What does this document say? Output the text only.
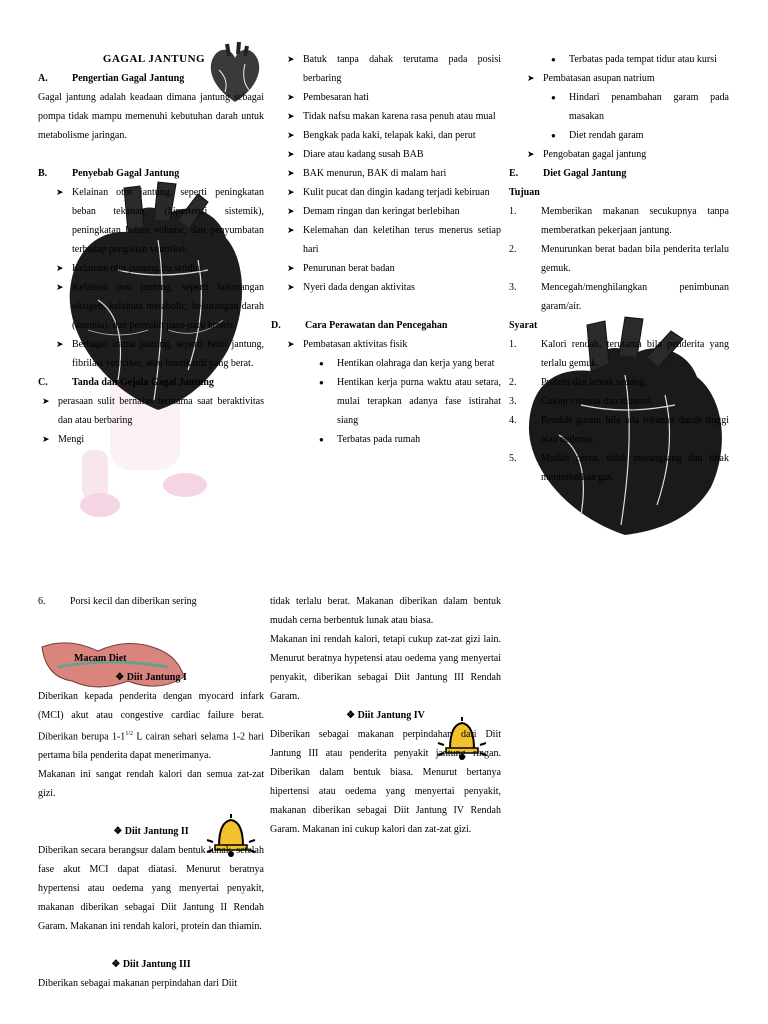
GAGAL JANTUNG
A.	Pengertian Gagal Jantung

Gagal jantung adalah keadaan dimana jantung sebagai pompa tidak mampu memenuhi kebutuhan darah untuk metabolisme jaringan.

B.	Penyebab Gagal Jantung
➤ Kelainan otot jantung, seperti peningkatan beban tekanan, (hipertensi sistemik), peningkatan beban volume, dan penyumbatan terhadap pengisian ventrikel.
➤ Kelainan otot jantung itu sendiri.
➤ Kelainan non jantung, seperti kekurangan oksigen, kelainan metabolic, kekurangan darah (anemia), dan penyakit paru-paru kronis.
➤ Berbagai irama jantung, seperti henti jantung, fibrilasi ventrikel, atau bradikardi yang berat.
C.	Tanda dan Gejala Gagal Jantung
➤ perasaan sulit bernafas terutama saat beraktivitas dan atau berbaring
➤ Mengi
➤ Batuk tanpa dahak terutama pada posisi berbaring
➤ Pembesaran hati
➤ Tidak nafsu makan karena rasa penuh atau mual
➤ Bengkak pada kaki, telapak kaki, dan perut
➤ Diare atau kadang susah BAB
➤ BAK menurun, BAK di malam hari
➤ Kulit pucat dan dingin kadang terjadi kebiruan
➤ Demam ringan dan keringat berlebihan
➤ Kelemahan dan keletihan terus menerus setiap hari
➤ Penurunan berat badan
➤ Nyeri dada dengan aktivitas
D.	Cara Perawatan dan Pencegahan
➤ Pembatasan aktivitas fisik
● Hentikan olahraga dan kerja yang berat
● Hentikan kerja purna waktu atau setara, mulai terapkan adanya fase istirahat siang
● Terbatas pada rumah
● Terbatas pada tempat tidur atau kursi
➤ Pembatasan asupan natrium
● Hindari penambahan garam pada masakan
● Diet rendah garam
➤ Pengobatan gagal jantung
E.	Diet Gagal Jantung
Tujuan
1. Memberikan makanan secukupnya tanpa memberatkan pekerjaan jantung.
2. Menurunkan berat badan bila penderita terlalu gemuk.
3. Mencegah/menghilangkan penimbunan garam/air.
Syarat
1. Kalori rendah, terutama bila penderita yang terlalu gemuk.
2. Protein dan lemak sedang.
3. Cukup vitamin dan mineral.
4. Rendah garam bila ada tekanan darah tinggi atau oedema.
5. Mudah cerna, tidak merangsang dan tidak menimbulkan gas.
6. Porsi kecil dan diberikan sering
Macam Diet
❖ Diit Jantung I

Diberikan kepada penderita dengan myocard infark (MCI) akut atau congestive cardiac failure berat. Diberikan berupa $1-1^{1/2}$ L cairan sehari selama 1-2 hari pertama bila penderita dapat menerimanya.

Makanan ini sangat rendah kalori dan semua zat-zat gizi.

❖ Diit Jantung II

Diberikan secara berangsur dalam bentuk lunak, setelah fase akut MCI dapat diatasi. Menurut beratnya hypertensi atau oedema yang menyertai penyakit, makanan diberikan sebagai Diit Jantung II Rendah Garam. Makanan ini rendah kalori, protein dan thiamin.

❖ Diit Jantung III

Diberikan sebagai makanan perpindahan dari Diit

tidak terlalu berat. Makanan diberikan dalam bentuk mudah cerna berbentuk lunak atau biasa.

Makanan ini rendah kalori, tetapi cukup zat-zat gizi lain. Menurut beratnya hypetensi atau oedema yang menyertai penyakit, diberikan sebagai Diit Jantung III Rendah Garam.

❖ Diit Jantung IV

Diberikan sebagai makanan perpindahan dari Diit Jantung III atau penderita penyakit jantung ringan. Diberikan dalam bentuk biasa. Menurut bertanya hipertensi atau oedema yang menyertai penyakit, makanan diberikan sebagai Diit Jantung IV Rendah Garam. Makanan ini cukup kalori dan zat-zat gizi.
